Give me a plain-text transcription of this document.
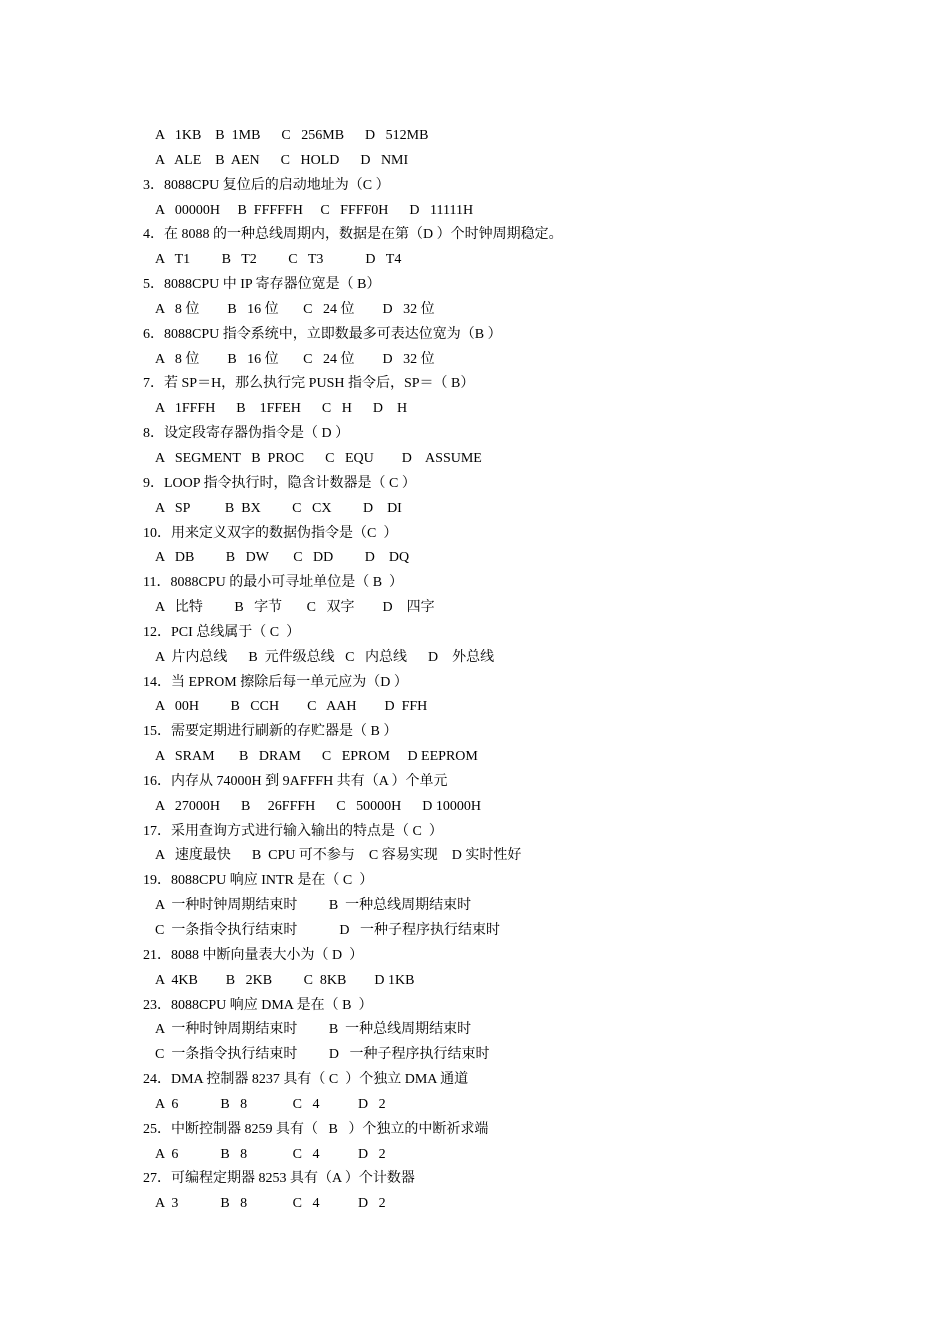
A   1KB    B  1MB      C   256MB      D   512MB
A   ALE    B  AEN      C   HOLD      D   NMI
3．8088CPU 复位后的启动地址为（C ）
A   00000H     B  FFFFFH     C   FFFF0H      D   11111H
4．在 8088 的一种总线周期内，数据是在第（D ）个时钟周期稳定。
A   T1         B   T2         C   T3            D   T4
5．8088CPU 中 IP 寄存器位宽是（ B）
A   8 位        B   16 位       C   24 位        D   32 位
6．8088CPU 指令系统中，立即数最多可表达位宽为（B ）
A   8 位        B   16 位       C   24 位        D   32 位
7．若 SP＝H，那么执行完 PUSH 指令后，SP＝（ B）
A   1FFFH      B    1FFEH      C   H      D    H
8．设定段寄存器伪指令是（ D ）
A   SEGMENT   B  PROC      C   EQU        D    ASSUME
9．LOOP 指令执行时，隐含计数器是（ C ）
A   SP          B  BX         C   CX         D    DI
10．用来定义双字的数据伪指令是（C  ）
A   DB         B   DW       C   DD         D    DQ
11．8088CPU 的最小可寻址单位是（ B  ）
A   比特         B   字节       C   双字        D    四字
12．PCI 总线属于（ C  ）
A  片内总线      B  元件级总线   C   内总线      D    外总线
14．当 EPROM 擦除后每一单元应为（D ）
A   00H         B   CCH        C   AAH        D  FFH
15．需要定期进行刷新的存贮器是（ B ）
A   SRAM       B   DRAM      C   EPROM     D EEPROM
16．内存从 74000H 到 9AFFFH 共有（A ）个单元
A   27000H      B     26FFFH      C   50000H      D 10000H
17．采用查询方式进行输入输出的特点是（ C  ）
A   速度最快      B  CPU 可不参与    C 容易实现    D 实时性好
19．8088CPU 响应 INTR 是在（ C  ）
A  一种时钟周期结束时         B  一种总线周期结束时
C  一条指令执行结束时            D   一种子程序执行结束时
21．8088 中断向量表大小为（ D  ）
A  4KB        B   2KB         C  8KB        D 1KB
23．8088CPU 响应 DMA 是在（ B  ）
A  一种时钟周期结束时         B  一种总线周期结束时
C  一条指令执行结束时         D   一种子程序执行结束时
24．DMA 控制器 8237 具有（ C  ）个独立 DMA 通道
A  6            B   8             C   4           D   2
25．中断控制器 8259 具有（   B   ）个独立的中断祈求端
A  6            B   8             C   4           D   2
27．可编程定期器 8253 具有（A ）个计数器
A  3            B   8             C   4           D   2
